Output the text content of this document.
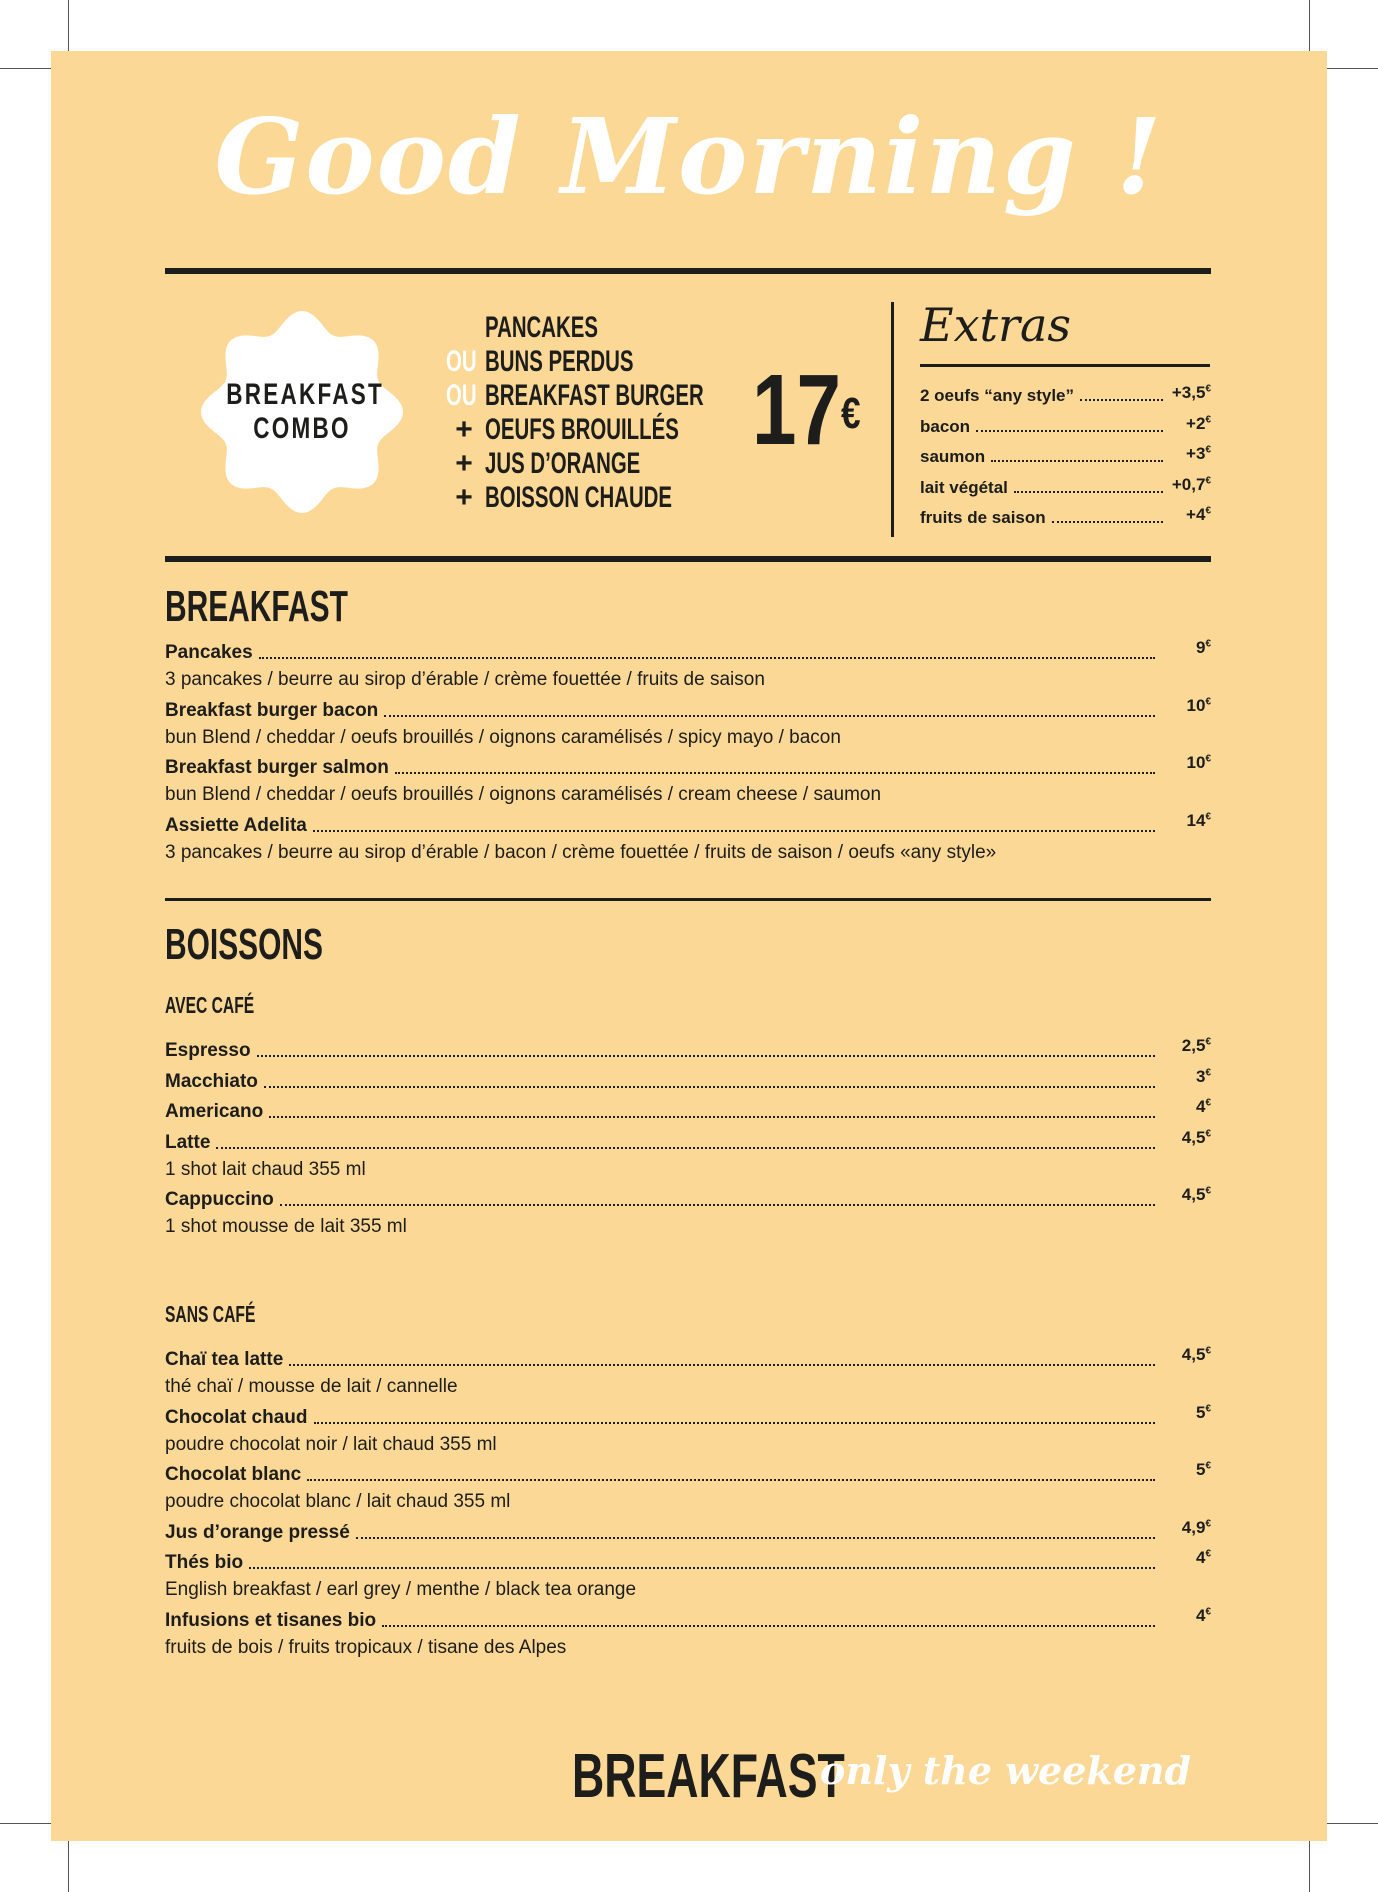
Good Morning !
BREAKFAST
COMBO
PANCAKES
OU BUNS PERDUS
OU BREAKFAST BURGER
+ OEUFS BROUILLÉS
+ JUS D’ORANGE
+ BOISSON CHAUDE
17€
Extras
2 oeufs “any style”	+3,5€
bacon	+2€
saumon	+3€
lait végétal	+0,7€
fruits de saison	+4€
BREAKFAST
Pancakes	9€
3 pancakes / beurre au sirop d’érable / crème fouettée / fruits de saison
Breakfast burger bacon	10€
bun Blend / cheddar / oeufs brouillés / oignons caramélisés / spicy mayo / bacon
Breakfast burger salmon	10€
bun Blend / cheddar / oeufs brouillés / oignons caramélisés / cream cheese / saumon
Assiette Adelita	14€
3 pancakes / beurre au sirop d’érable / bacon / crème fouettée / fruits de saison / oeufs «any style»
BOISSONS
AVEC CAFÉ
Espresso	2,5€
Macchiato	3€
Americano	4€
Latte	4,5€
1 shot lait chaud 355 ml
Cappuccino	4,5€
1 shot mousse de lait 355 ml
SANS CAFÉ
Chaï tea latte	4,5€
thé chaï / mousse de lait / cannelle
Chocolat chaud	5€
poudre chocolat noir / lait chaud 355 ml
Chocolat blanc	5€
poudre chocolat blanc / lait chaud 355 ml
Jus d’orange pressé	4,9€
Thés bio	4€
English breakfast / earl grey / menthe / black tea orange
Infusions et tisanes bio	4€
fruits de bois / fruits tropicaux / tisane des Alpes
BREAKFAST
only the weekend
